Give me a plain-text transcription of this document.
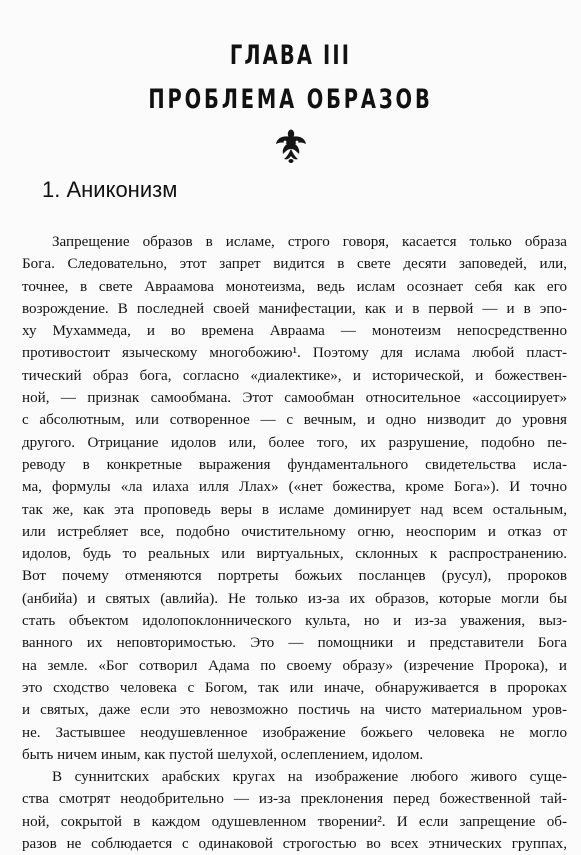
ГЛАВА III
ПРОБЛЕМА ОБРАЗОВ
1. Аниконизм
Запрещение образов в исламе, строго говоря, касается только образа
Бога. Следовательно, этот запрет видится в свете десяти заповедей, или,
точнее, в свете Авраамова монотеизма, ведь ислам осознает себя как его
возрождение. В последней своей манифестации, как и в первой — и в эпо-
ху Мухаммеда, и во времена Авраама — монотеизм непосредственно
противостоит языческому многобожию¹. Поэтому для ислама любой пласт-
тический образ бога, согласно «диалектике», и исторической, и божествен-
ной, — признак самообмана. Этот самообман относительное «ассоциирует»
с абсолютным, или сотворенное — с вечным, и одно низводит до уровня
другого. Отрицание идолов или, более того, их разрушение, подобно пе-
реводу в конкретные выражения фундаментального свидетельства исла-
ма, формулы «ла илаха илля Ллах» («нет божества, кроме Бога»). И точно
так же, как эта проповедь веры в исламе доминирует над всем остальным,
или истребляет все, подобно очистительному огню, неоспорим и отказ от
идолов, будь то реальных или виртуальных, склонных к распространению.
Вот почему отменяются портреты божьих посланцев (русул), пророков
(анбийа) и святых (авлийа). Не только из-за их образов, которые могли бы
стать объектом идолопоклоннического культа, но и из-за уважения, выз-
ванного их неповторимостью. Это — помощники и представители Бога
на земле. «Бог сотворил Адама по своему образу» (изречение Пророка), и
это сходство человека с Богом, так или иначе, обнаруживается в пророках
и святых, даже если это невозможно постичь на чисто материальном уров-
не. Застывшее неодушевленное изображение божьего человека не могло
быть ничем иным, как пустой шелухой, ослеплением, идолом.
В суннитских арабских кругах на изображение любого живого суще-
ства смотрят неодобрительно — из-за преклонения перед божественной тай-
ной, сокрытой в каждом одушевленном творении². И если запрещение об-
разов не соблюдается с одинаковой строгостью во всех этнических группах,
